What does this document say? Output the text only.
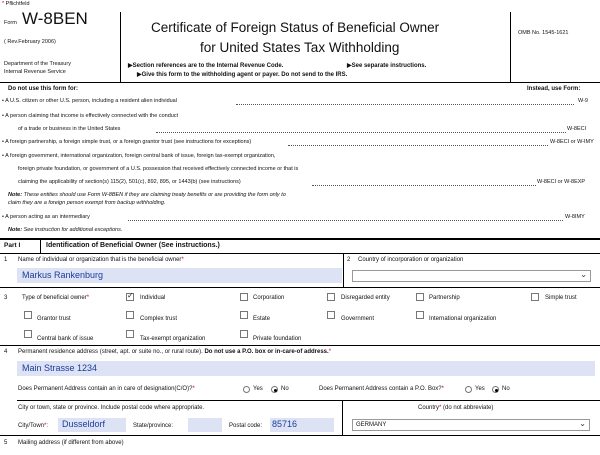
* Pflichtfeld
Form W-8BEN
( Rev.February 2006)
Department of the Treasury
Internal Revenue Service
Certificate of Foreign Status of Beneficial Owner
for United States Tax Withholding
▶Section references are to the Internal Revenue Code.	▶See separate instructions.
▶Give this form to the withholding agent or payer. Do not send to the IRS.
OMB No. 1545-1621
Do not use this form for:	Instead, use Form:
• A U.S. citizen or other U.S. person, including a resident alien individual	W-9
• A person claiming that income is effectively connected with the conduct
of a trade or business in the United States	W-8ECI
• A foreign partnership, a foreign simple trust, or a foreign grantor trust (see instructions for exceptions)	W-8ECI or W-IMY
• A foreign government, international organization, foreign central bank of issue, foreign tax-exempt organization,
foreign private foundation, or government of a U.S. possession that received effectively connected income or that is
claiming the applicability of section(s) 115(2), 501(c), 892, 895, or 1443(b) (see instructions)	W-8ECI or W-8EXP
Note: These entities should use Form W-8BEN if they are claiming treaty benefits or are providing the form only to
claim they are a foreign person exempt from backup withholding.
• A person acting as an intermediary	W-8IMY
Note: See instruction for additional exceptions.
Part I	Identification of Beneficial Owner (See instructions.)
1 Name of individual or organization that is the beneficial owner*
Markus Rankenburg
2 Country of incorporation or organization
⌄
3 Type of beneficial owner*
✓	Individual	Corporation	Disregarded entity	Partnership	Simple trust
Grantor trust	Complex trust	Estate	Government	International organization
Central bank of issue	Tax-exempt organization	Private foundation
4 Permanent residence address (street, apt. or suite no., or rural route). Do not use a P.O. box or in-care-of address.*
Main Strasse 1234
Does Permanent Address contain an in care of designation(C/O)?*	Yes	No	Does Permanent Address contain a P.O. Box?*	Yes	No
City or town, state or province. Include postal code where appropriate.
City/Town*: Dusseldorf	State/province:	Postal code: 85716
Country* (do not abbreviate)
GERMANY	⌄
5 Mailing address (if different from above)
